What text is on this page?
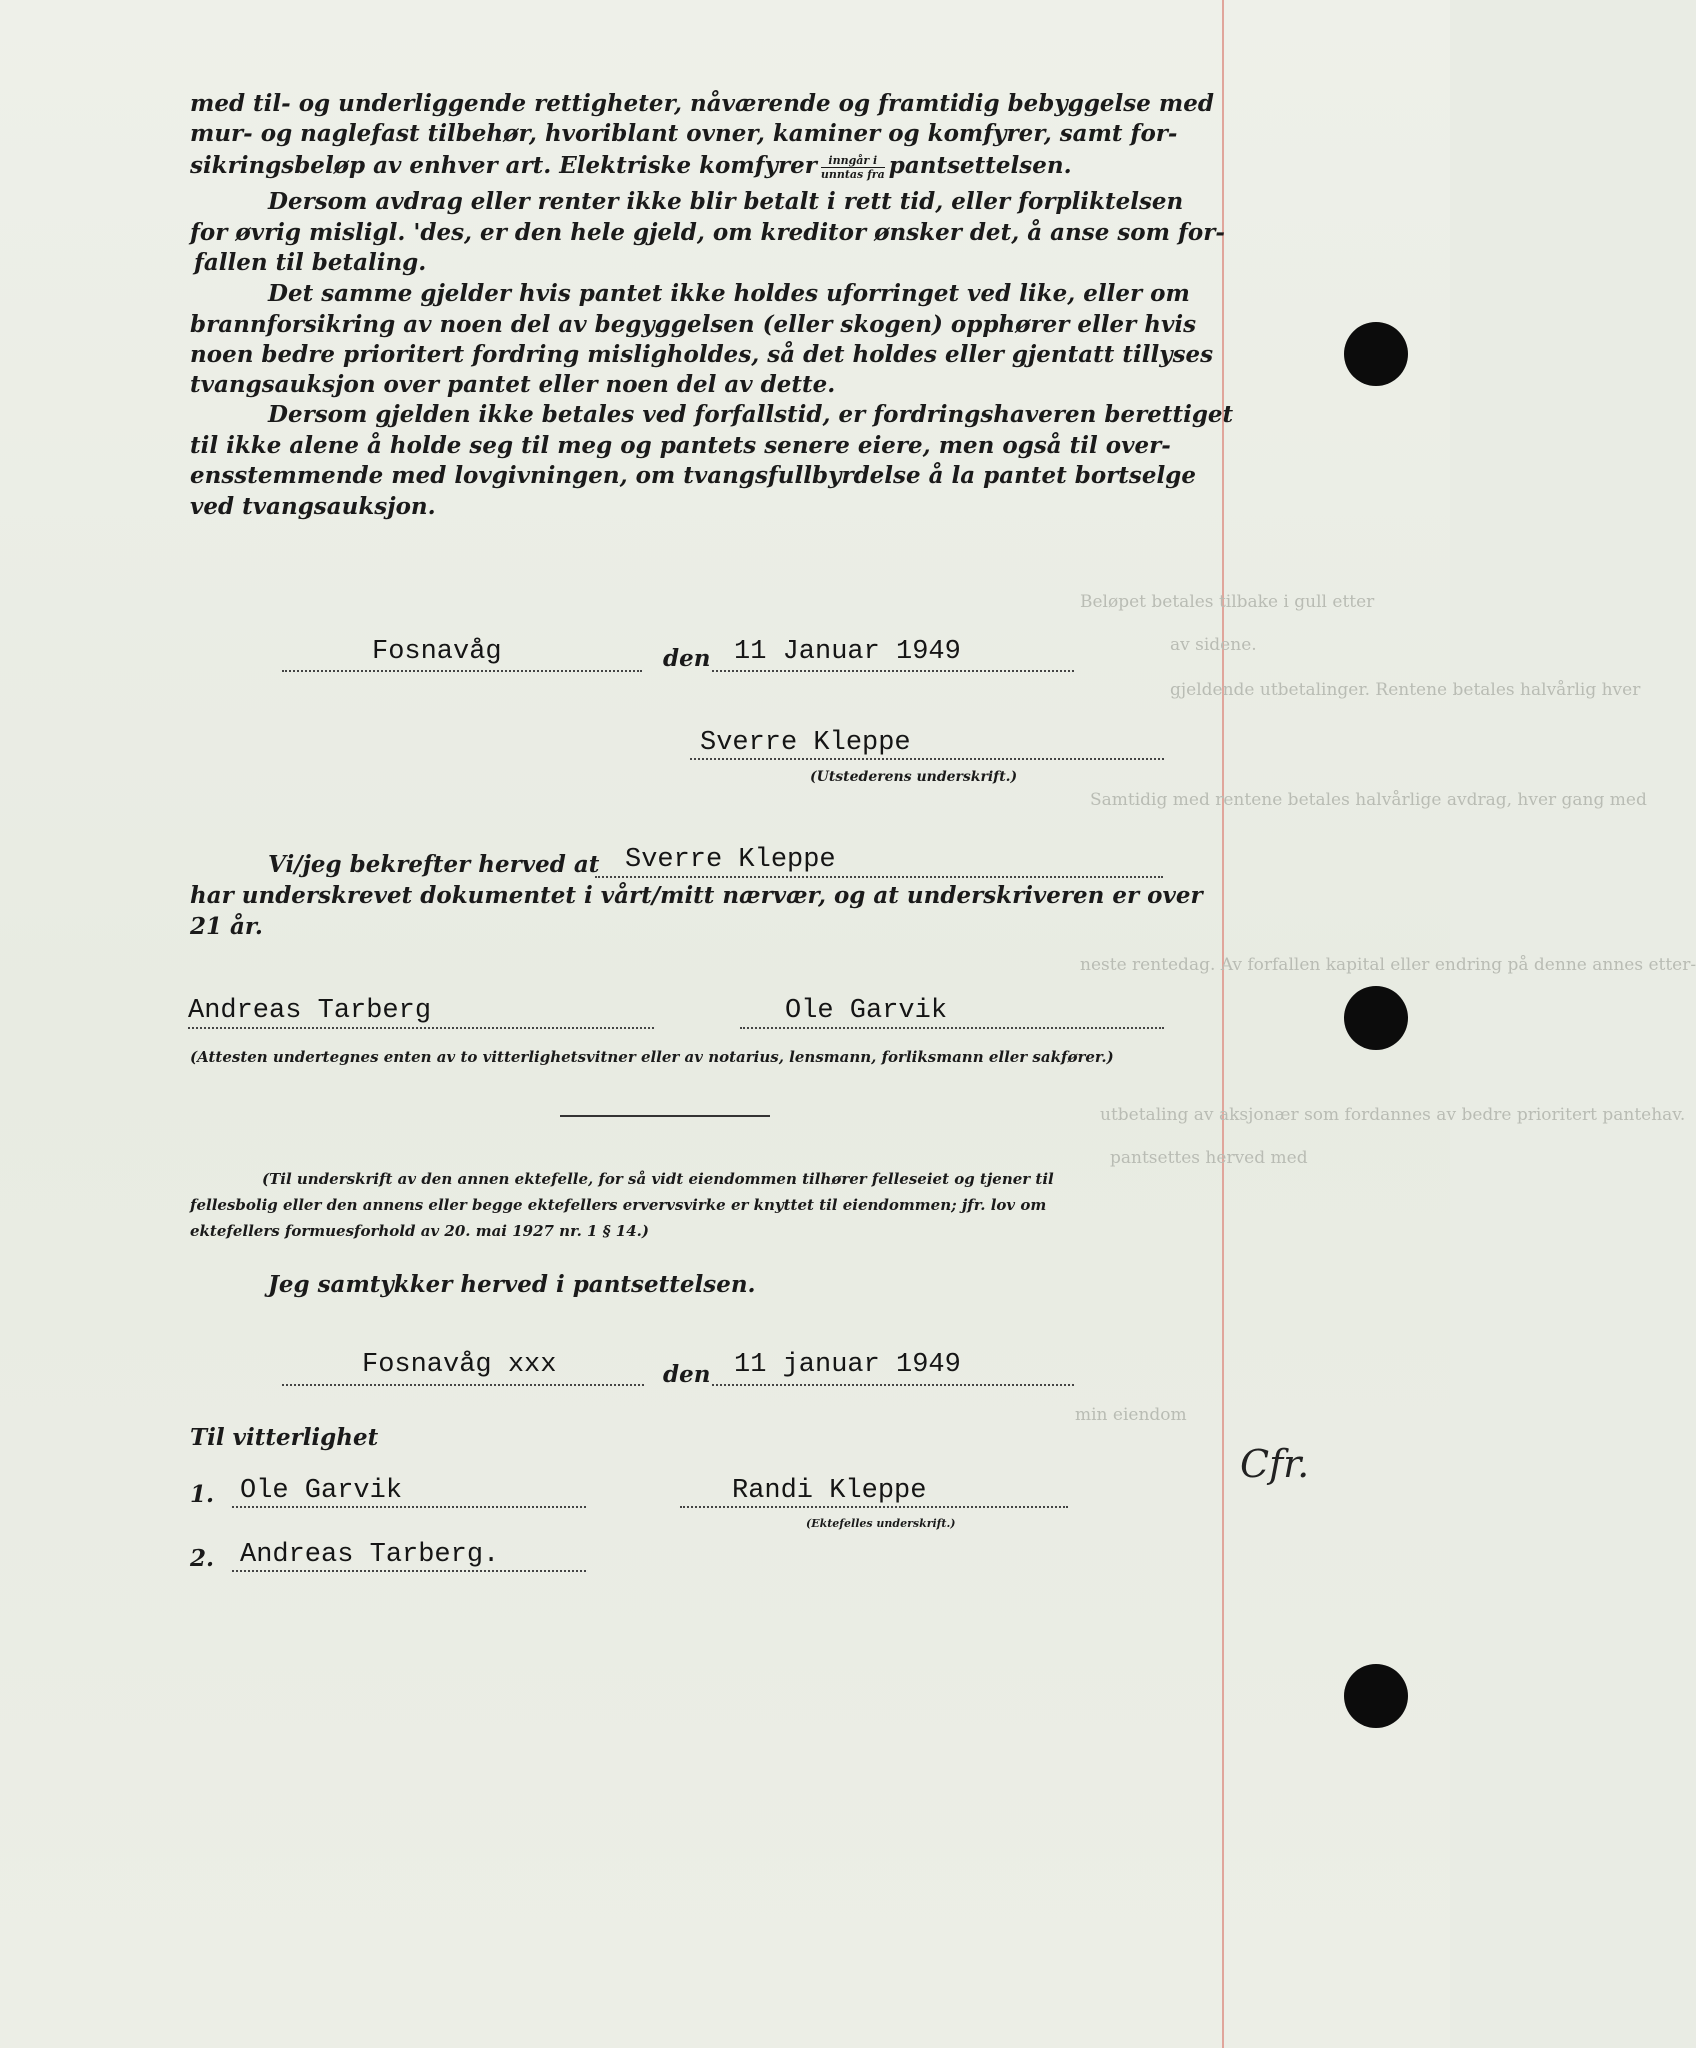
Beløpet betales tilbake i gull etter
av sidene.
gjeldende utbetalinger. Rentene betales halvårlig hver
Samtidig med rentene betales halvårlige avdrag, hver gang med
neste rentedag. Av forfallen kapital eller endring på denne annes etter-
utbetaling av aksjonær som fordannes av bedre prioritert pantehav.
pantsettes herved med
min eiendom
med til- og underliggende rettigheter, nåværende og framtidig bebyggelse med
mur- og naglefast tilbehør, hvoriblant ovner, kaminer og komfyrer, samt for-
sikringsbeløp av enhver art. Elektriske komfyrer $\frac{\text{inngår i}}{\text{unntas fra}}$ pantsettelsen.
Dersom avdrag eller renter ikke blir betalt i rett tid, eller forpliktelsen
for øvrig misligl. 'des, er den hele gjeld, om kreditor ønsker det, å anse som for-
fallen til betaling.
Det samme gjelder hvis pantet ikke holdes uforringet ved like, eller om
brannforsikring av noen del av begyggelsen (eller skogen) opphører eller hvis
noen bedre prioritert fordring misligholdes, så det holdes eller gjentatt tillyses
tvangsauksjon over pantet eller noen del av dette.
Dersom gjelden ikke betales ved forfallstid, er fordringshaveren berettiget
til ikke alene å holde seg til meg og pantets senere eiere, men også til over-
ensstemmende med lovgivningen, om tvangsfullbyrdelse å la pantet bortselge
ved tvangsauksjon.
Fosnavåg	den 11 Januar 1949
Sverre Kleppe
(Utstederens underskrift.)
Vi/jeg bekrefter herved at Sverre Kleppe
har underskrevet dokumentet i vårt/mitt nærvær, og at underskriveren er over
21 år.
Andreas Tarberg	Ole Garvik
(Attesten undertegnes enten av to vitterlighetsvitner eller av notarius, lensmann, forliksmann eller sakfører.)
(Til underskrift av den annen ektefelle, for så vidt eiendommen tilhører felleseiet og tjener til
fellesbolig eller den annens eller begge ektefellers ervervsvirke er knyttet til eiendommen; jfr. lov om
ektefellers formuesforhold av 20. mai 1927 nr. 1 § 14.)
Jeg samtykker herved i pantsettelsen.
Fosnavåg xxx	den 11 januar 1949
Til vitterlighet
1. Ole Garvik	Randi Kleppe
(Ektefelles underskrift.)
2. Andreas Tarberg.
Cfr.
